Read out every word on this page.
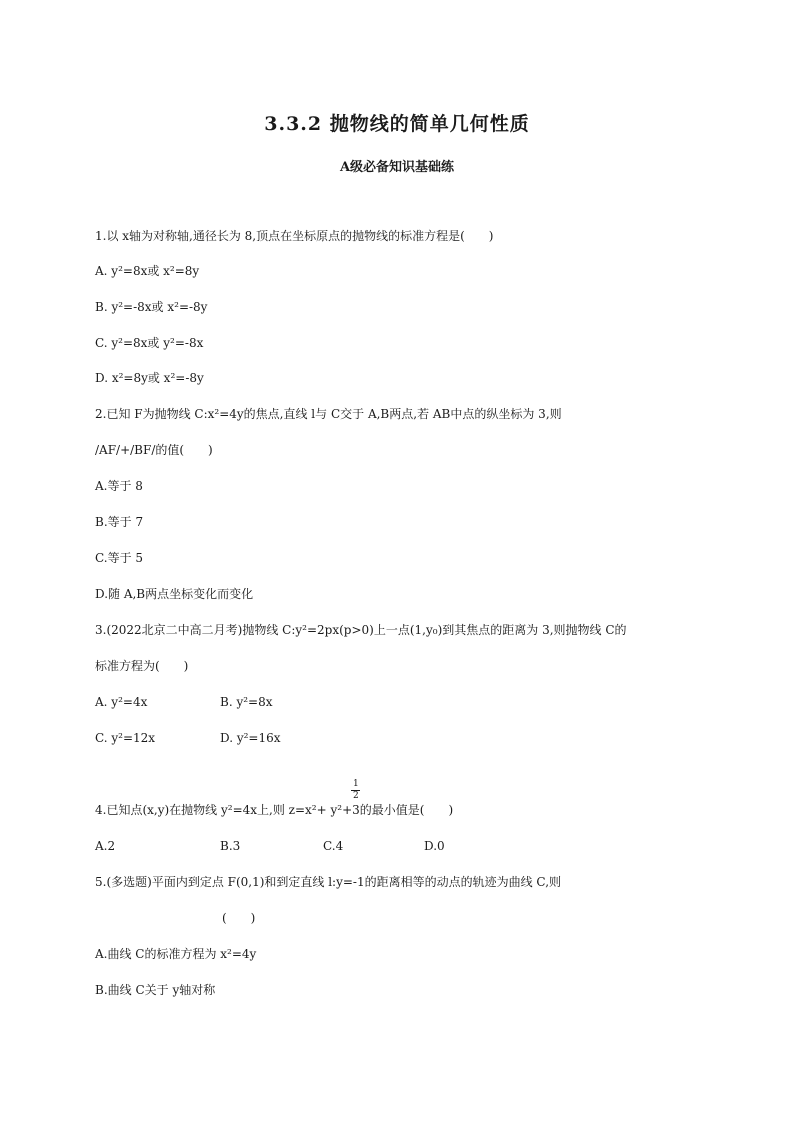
3.3.2 抛物线的简单几何性质
A级必备知识基础练
1.以 x轴为对称轴,通径长为 8,顶点在坐标原点的抛物线的标准方程是(　　)
A. y²=8x或 x²=8y
B. y²=-8x或 x²=-8y
C. y²=8x或 y²=-8x
D. x²=8y或 x²=-8y
2.已知 F为抛物线 C:x²=4y的焦点,直线 l与 C交于 A,B两点,若 AB中点的纵坐标为 3,则
/AF/+/BF/的值(　　)
A.等于 8
B.等于 7
C.等于 5
D.随 A,B两点坐标变化而变化
3.(2022北京二中高二月考)抛物线 C:y²=2px(p>0)上一点(1,y₀)到其焦点的距离为 3,则抛物线 C的
标准方程为(　　)
A. y²=4x	B. y²=8x
C. y²=12x	D. y²=16x
1
2
4.已知点(x,y)在抛物线 y²=4x上,则 z=x²+ y²+3的最小值是(　　)
A.2	B.3	C.4	D.0
5.(多选题)平面内到定点 F(0,1)和到定直线 l:y=-1的距离相等的动点的轨迹为曲线 C,则
(　　)
A.曲线 C的标准方程为 x²=4y
B.曲线 C关于 y轴对称
